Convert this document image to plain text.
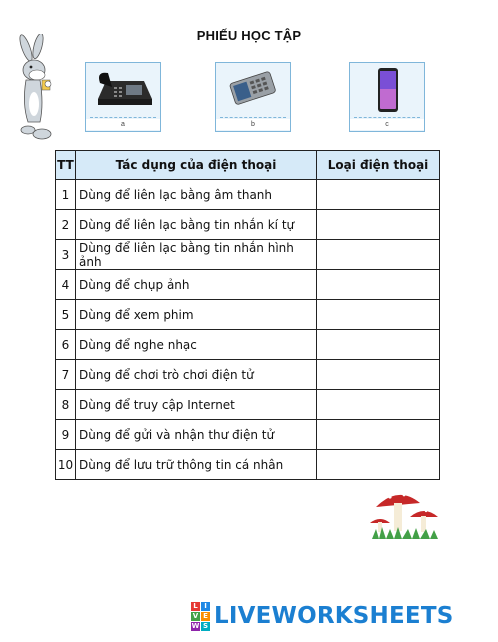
PHIẾU HỌC TẬP
a	b	c
TT	Tác dụng của điện thoại	Loại điện thoại
1	Dùng để liên lạc bằng âm thanh	
2	Dùng để liên lạc bằng tin nhắn kí tự	
3	Dùng để liên lạc bằng tin nhắn hình ảnh	
4	Dùng để chụp ảnh	
5	Dùng để xem phim	
6	Dùng để nghe nhạc	
7	Dùng để chơi trò chơi điện tử	
8	Dùng để truy cập Internet	
9	Dùng để gửi và nhận thư điện tử	
10	Dùng để lưu trữ thông tin cá nhân	
L I
V E
W S LIVEWORKSHEETS
